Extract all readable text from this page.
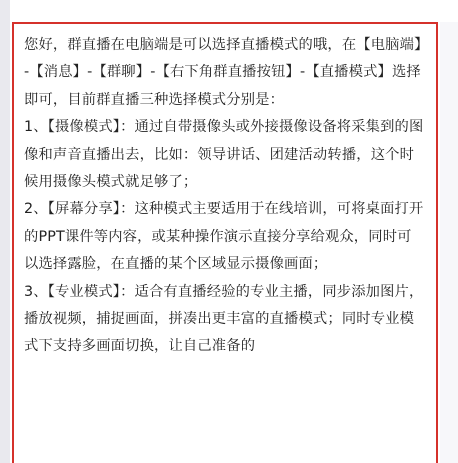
您好，群直播在电脑端是可以选择直播模式的哦，在【电脑端】-【消息】-【群聊】-【右下角群直播按钮】-【直播模式】选择即可，目前群直播三种选择模式分别是：

1、【摄像模式】：通过自带摄像头或外接摄像设备将采集到的图像和声音直播出去，比如：领导讲话、团建活动转播，这个时候用摄像头模式就足够了；

2、【屏幕分享】：这种模式主要适用于在线培训，可将桌面打开的PPT课件等内容，或某种操作演示直接分享给观众，同时可以选择露脸，在直播的某个区域显示摄像画面；

3、【专业模式】：适合有直播经验的专业主播，同步添加图片，播放视频，捕捉画面，拼凑出更丰富的直播模式；同时专业模式下支持多画面切换，让自己准备的
